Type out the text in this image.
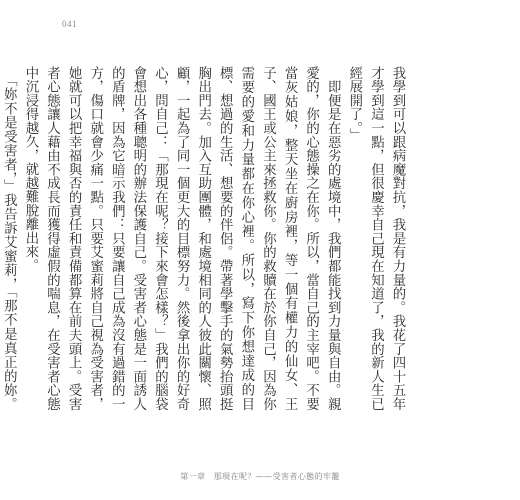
041

我學到可以跟病魔對抗，我是有力量的。我花了四十五年才學到這一點，但很慶幸自己現在知道了，我的新人生已經展開了。」

　即便是在惡劣的處境中，我們都能找到力量與自由。親愛的，你的心態操之在你。所以，當自己的主宰吧。不要當灰姑娘，整天坐在廚房裡，等一個有權力的仙女、王子、國王或公主來拯救你。你的救贖在於你自己，因為你需要的愛和力量都在你心裡。所以，寫下你想達成的目標、想過的生活、想要的伴侶。帶著學擊手的氣勢抬頭挺胸出門去。加入互助團體，和處境相同的人彼此關懷、照顧，一起為了同一個更大的目標努力。然後拿出你的好奇心，問自己：「那現在呢？接下來會怎樣？」我們的腦袋會想出各種聰明的辦法保護自己。受害者心態是一面誘人的盾牌，因為它暗示我們：只要讓自己成為沒有過錯的一方，傷口就會少痛一點。只要艾蜜莉將自己視為受害者，她就可以把幸福與否的責任和責備都算在前夫頭上。受害者心態讓人藉由不成長而獲得虛假的喘息，在受害者心態中沉浸得越久，就越難脫離出來。

　「妳不是受害者，」我告訴艾蜜莉，「那不是真正的妳。

第一章　那現在呢？——受害者心態的牢籠
